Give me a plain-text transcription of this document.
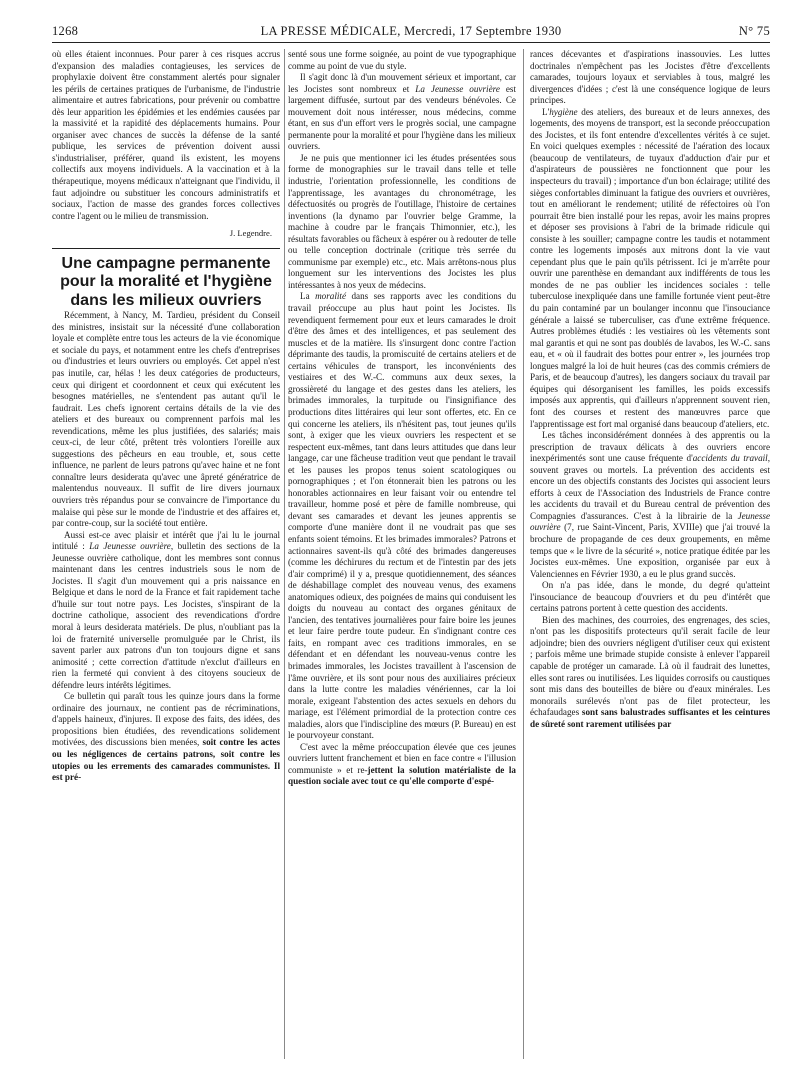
1268	LA PRESSE MÉDICALE, Mercredi, 17 Septembre 1930	N° 75

où elles étaient inconnues. Pour parer à ces risques accrus d'expansion des maladies contagieuses, les services de prophylaxie doivent être constamment alertés pour signaler les périls de certaines pratiques de l'urbanisme, de l'industrie alimentaire et autres fabrications, pour prévenir ou combattre dès leur apparition les épidémies et les endémies causées par la massivité et la rapidité des déplacements humains. Pour organiser avec chances de succès la défense de la santé publique, les services de prévention doivent aussi s'industrialiser, préférer, quand ils existent, les moyens collectifs aux moyens individuels. A la vaccination et à la thérapeutique, moyens médicaux n'atteignant que l'individu, il faut adjoindre ou substituer les concours administratifs et sociaux, l'action de masse des grandes forces collectives contre l'agent ou le milieu de transmission.

J. Legendre.

Une campagne permanente pour la moralité et l'hygiène dans les milieux ouvriers

Récemment, à Nancy, M. Tardieu, président du Conseil des ministres, insistait sur la nécessité d'une collaboration loyale et complète entre tous les acteurs de la vie économique et sociale du pays, et notamment entre les chefs d'entreprises ou d'industries et leurs ouvriers ou employés. Cet appel n'est pas inutile, car, hélas ! les deux catégories de producteurs, ceux qui dirigent et coordonnent et ceux qui exécutent les besognes matérielles, ne s'entendent pas autant qu'il le faudrait. Les chefs ignorent certains détails de la vie des ateliers et des bureaux ou comprennent parfois mal les revendications, même les plus justifiées, des salariés; mais ceux-ci, de leur côté, prêtent très volontiers l'oreille aux suggestions des pêcheurs en eau trouble, et, sous cette influence, ne parlent de leurs patrons qu'avec haine et ne font connaître leurs desiderata qu'avec une âpreté génératrice de malentendus nouveaux. Il suffit de lire divers journaux ouvriers très répandus pour se convaincre de l'importance du malaise qui pèse sur le monde de l'industrie et des affaires et, par contre-coup, sur la société tout entière.

Aussi est-ce avec plaisir et intérêt que j'ai lu le journal intitulé : La Jeunesse ouvrière, bulletin des sections de la Jeunesse ouvrière catholique, dont les membres sont connus maintenant dans les centres industriels sous le nom de Jocistes. Il s'agit d'un mouvement qui a pris naissance en Belgique et dans le nord de la France et fait rapidement tache d'huile sur tout notre pays. Les Jocistes, s'inspirant de la doctrine catholique, associent des revendications d'ordre moral à leurs desiderata matériels. De plus, n'oubliant pas la loi de fraternité universelle promulguée par le Christ, ils savent parler aux patrons d'un ton toujours digne et sans animosité ; cette correction d'attitude n'exclut d'ailleurs en rien la fermeté qui convient à des citoyens soucieux de défendre leurs intérêts légitimes.

Ce bulletin qui paraît tous les quinze jours dans la forme ordinaire des journaux, ne contient pas de récriminations, d'appels haineux, d'injures. Il expose des faits, des idées, des propositions bien étudiées, des revendications solidement motivées, des discussions bien menées, soit contre les actes ou les négligences de certains patrons, soit contre les utopies ou les errements des camarades communistes. Il est pré-

senté sous une forme soignée, au point de vue typographique comme au point de vue du style.

Il s'agit donc là d'un mouvement sérieux et important, car les Jocistes sont nombreux et La Jeunesse ouvrière est largement diffusée, surtout par des vendeurs bénévoles. Ce mouvement doit nous intéresser, nous médecins, comme étant, en sus d'un effort vers le progrès social, une campagne permanente pour la moralité et pour l'hygiène dans les milieux ouvriers.

Je ne puis que mentionner ici les études présentées sous forme de monographies sur le travail dans telle et telle industrie, l'orientation professionnelle, les conditions de l'apprentissage, les avantages du chronométrage, les défectuosités ou progrès de l'outillage, l'histoire de certaines inventions (la dynamo par l'ouvrier belge Gramme, la machine à coudre par le français Thimonnier, etc.), les résultats favorables ou fâcheux à espérer ou à redouter de telle ou telle conception doctrinale (critique très serrée du communisme par exemple) etc., etc. Mais arrêtons-nous plus longuement sur les interventions des Jocistes les plus intéressantes à nos yeux de médecins.

La moralité dans ses rapports avec les conditions du travail préoccupe au plus haut point les Jocistes. Ils revendiquent fermement pour eux et leurs camarades le droit d'être des âmes et des intelligences, et pas seulement des muscles et de la matière. Ils s'insurgent donc contre l'action déprimante des taudis, la promiscuité de certains ateliers et de certains véhicules de transport, les inconvénients des vestiaires et des W.-C. communs aux deux sexes, la grossièreté du langage et des gestes dans les ateliers, les brimades immorales, la turpitude ou l'insignifiance des productions dites littéraires qui leur sont offertes, etc. En ce qui concerne les ateliers, ils n'hésitent pas, tout jeunes qu'ils sont, à exiger que les vieux ouvriers les respectent et se respectent eux-mêmes, tant dans leurs attitudes que dans leur langage, car une fâcheuse tradition veut que pendant le travail et les pauses les propos tenus soient scatologiques ou pornographiques ; et l'on étonnerait bien les patrons ou les honorables actionnaires en leur faisant voir ou entendre tel travailleur, homme posé et père de famille nombreuse, qui devant ses camarades et devant les jeunes apprentis se comporte d'une manière dont il ne voudrait pas que ses enfants soient témoins. Et les brimades immorales? Patrons et actionnaires savent-ils qu'à côté des brimades dangereuses (comme les déchirures du rectum et de l'intestin par des jets d'air comprimé) il y a, presque quotidiennement, des séances de déshabillage complet des nouveau venus, des examens anatomiques odieux, des poignées de mains qui conduisent les doigts du nouveau au contact des organes génitaux de l'ancien, des tentatives journalières pour faire boire les jeunes et leur faire perdre toute pudeur. En s'indignant contre ces faits, en rompant avec ces traditions immorales, en se défendant et en défendant les nouveau-venus contre les brimades immorales, les Jocistes travaillent à l'ascension de l'âme ouvrière, et ils sont pour nous des auxiliaires précieux dans la lutte contre les maladies vénériennes, car la loi morale, exigeant l'abstention des actes sexuels en dehors du mariage, est l'élément primordial de la protection contre ces maladies, alors que l'indiscipline des mœurs (P. Bureau) en est le pourvoyeur constant.

C'est avec la même préoccupation élevée que ces jeunes ouvriers luttent franchement et bien en face contre « l'illusion communiste » et re-jettent la solution matérialiste de la question sociale avec tout ce qu'elle comporte d'espé-

rances décevantes et d'aspirations inassouvies. Les luttes doctrinales n'empêchent pas les Jocistes d'être d'excellents camarades, toujours loyaux et serviables à tous, malgré les divergences d'idées ; c'est là une conséquence logique de leurs principes.

L'hygiène des ateliers, des bureaux et de leurs annexes, des logements, des moyens de transport, est la seconde préoccupation des Jocistes, et ils font entendre d'excellentes vérités à ce sujet. En voici quelques exemples : nécessité de l'aération des locaux (beaucoup de ventilateurs, de tuyaux d'adduction d'air pur et d'aspirateurs de poussières ne fonctionnent que pour les inspecteurs du travail) ; importance d'un bon éclairage; utilité des sièges confortables diminuant la fatigue des ouvriers et ouvrières, tout en améliorant le rendement; utilité de réfectoires où l'on pourrait être bien installé pour les repas, avoir les mains propres et déposer ses provisions à l'abri de la brimade ridicule qui consiste à les souiller; campagne contre les taudis et notamment contre les logements imposés aux mitrons dont la vie vaut cependant plus que le pain qu'ils pétrissent. Ici je m'arrête pour ouvrir une parenthèse en demandant aux indifférents de tous les mondes de ne pas oublier les incidences sociales : telle tuberculose inexpliquée dans une famille fortunée vient peut-être du pain contaminé par un boulanger inconnu que l'insouciance générale a laissé se tuberculiser, cas d'une extrême fréquence. Autres problèmes étudiés : les vestiaires où les vêtements sont mal garantis et qui ne sont pas doublés de lavabos, les W.-C. sans eau, et « où il faudrait des bottes pour entrer », les journées trop longues malgré la loi de huit heures (cas des commis crémiers de Paris, et de beaucoup d'autres), les dangers sociaux du travail par équipes qui désorganisent les familles, les poids excessifs imposés aux apprentis, qui d'ailleurs n'apprennent souvent rien, font des courses et restent des manœuvres parce que l'apprentissage est fort mal organisé dans beaucoup d'ateliers, etc.

Les tâches inconsidérément données à des apprentis ou la prescription de travaux délicats à des ouvriers encore inexpérimentés sont une cause fréquente d'accidents du travail, souvent graves ou mortels. La prévention des accidents est encore un des objectifs constants des Jocistes qui associent leurs efforts à ceux de l'Association des Industriels de France contre les accidents du travail et du Bureau central de prévention des Compagnies d'assurances. C'est à la librairie de la Jeunesse ouvrière (7, rue Saint-Vincent, Paris, XVIIIe) que j'ai trouvé la brochure de propagande de ces deux groupements, en même temps que « le livre de la sécurité », notice pratique éditée par les Jocistes eux-mêmes. Une exposition, organisée par eux à Valenciennes en Février 1930, a eu le plus grand succès.

On n'a pas idée, dans le monde, du degré qu'atteint l'insouciance de beaucoup d'ouvriers et du peu d'intérêt que certains patrons portent à cette question des accidents.

Bien des machines, des courroies, des engrenages, des scies, n'ont pas les dispositifs protecteurs qu'il serait facile de leur adjoindre; bien des ouvriers négligent d'utiliser ceux qui existent ; parfois même une brimade stupide consiste à enlever l'appareil capable de protéger un camarade. Là où il faudrait des lunettes, elles sont rares ou inutilisées. Les liquides corrosifs ou caustiques sont mis dans des bouteilles de bière ou d'eaux minérales. Les monorails surélevés n'ont pas de filet protecteur, les échafaudages sont sans balustrades suffisantes et les ceintures de sûreté sont rarement utilisées par
